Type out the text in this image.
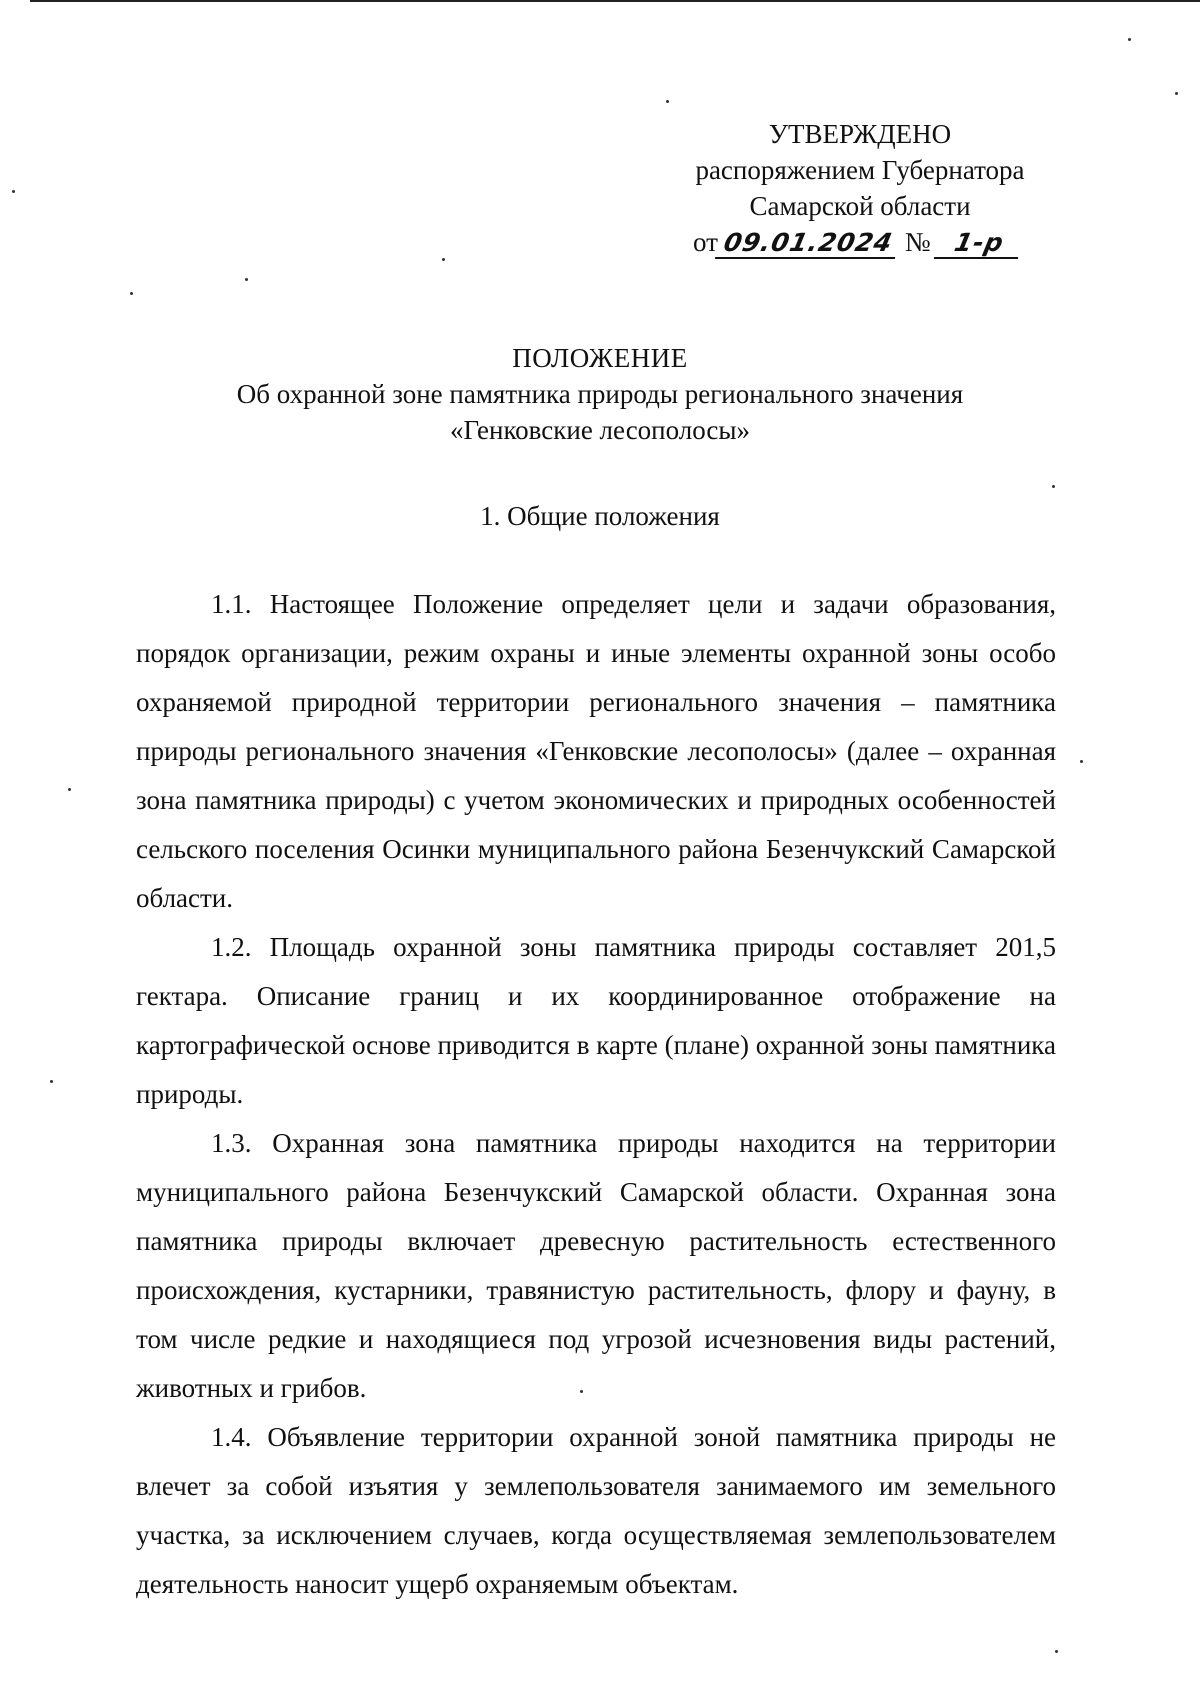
УТВЕРЖДЕНО
распоряжением Губернатора
Самарской области
от 09.01.2024 № 1-р
ПОЛОЖЕНИЕ
Об охранной зоне памятника природы регионального значения
«Генковские лесополосы»
1. Общие положения

1.1. Настоящее Положение определяет цели и задачи образования, порядок организации, режим охраны и иные элементы охранной зоны особо охраняемой природной территории регионального значения – памятника природы регионального значения «Генковские лесополосы» (далее – охранная зона памятника природы) с учетом экономических и природных особенностей сельского поселения Осинки муниципального района Безенчукский Самарской области.

1.2. Площадь охранной зоны памятника природы составляет 201,5 гектара. Описание границ и их координированное отображение на картографической основе приводится в карте (плане) охранной зоны памятника природы.

1.3. Охранная зона памятника природы находится на территории муниципального района Безенчукский Самарской области. Охранная зона памятника природы включает древесную растительность естественного происхождения, кустарники, травянистую растительность, флору и фауну, в том числе редкие и находящиеся под угрозой исчезновения виды растений, животных и грибов.

1.4. Объявление территории охранной зоной памятника природы не влечет за собой изъятия у землепользователя занимаемого им земельного участка, за исключением случаев, когда осуществляемая землепользователем деятельность наносит ущерб охраняемым объектам.
